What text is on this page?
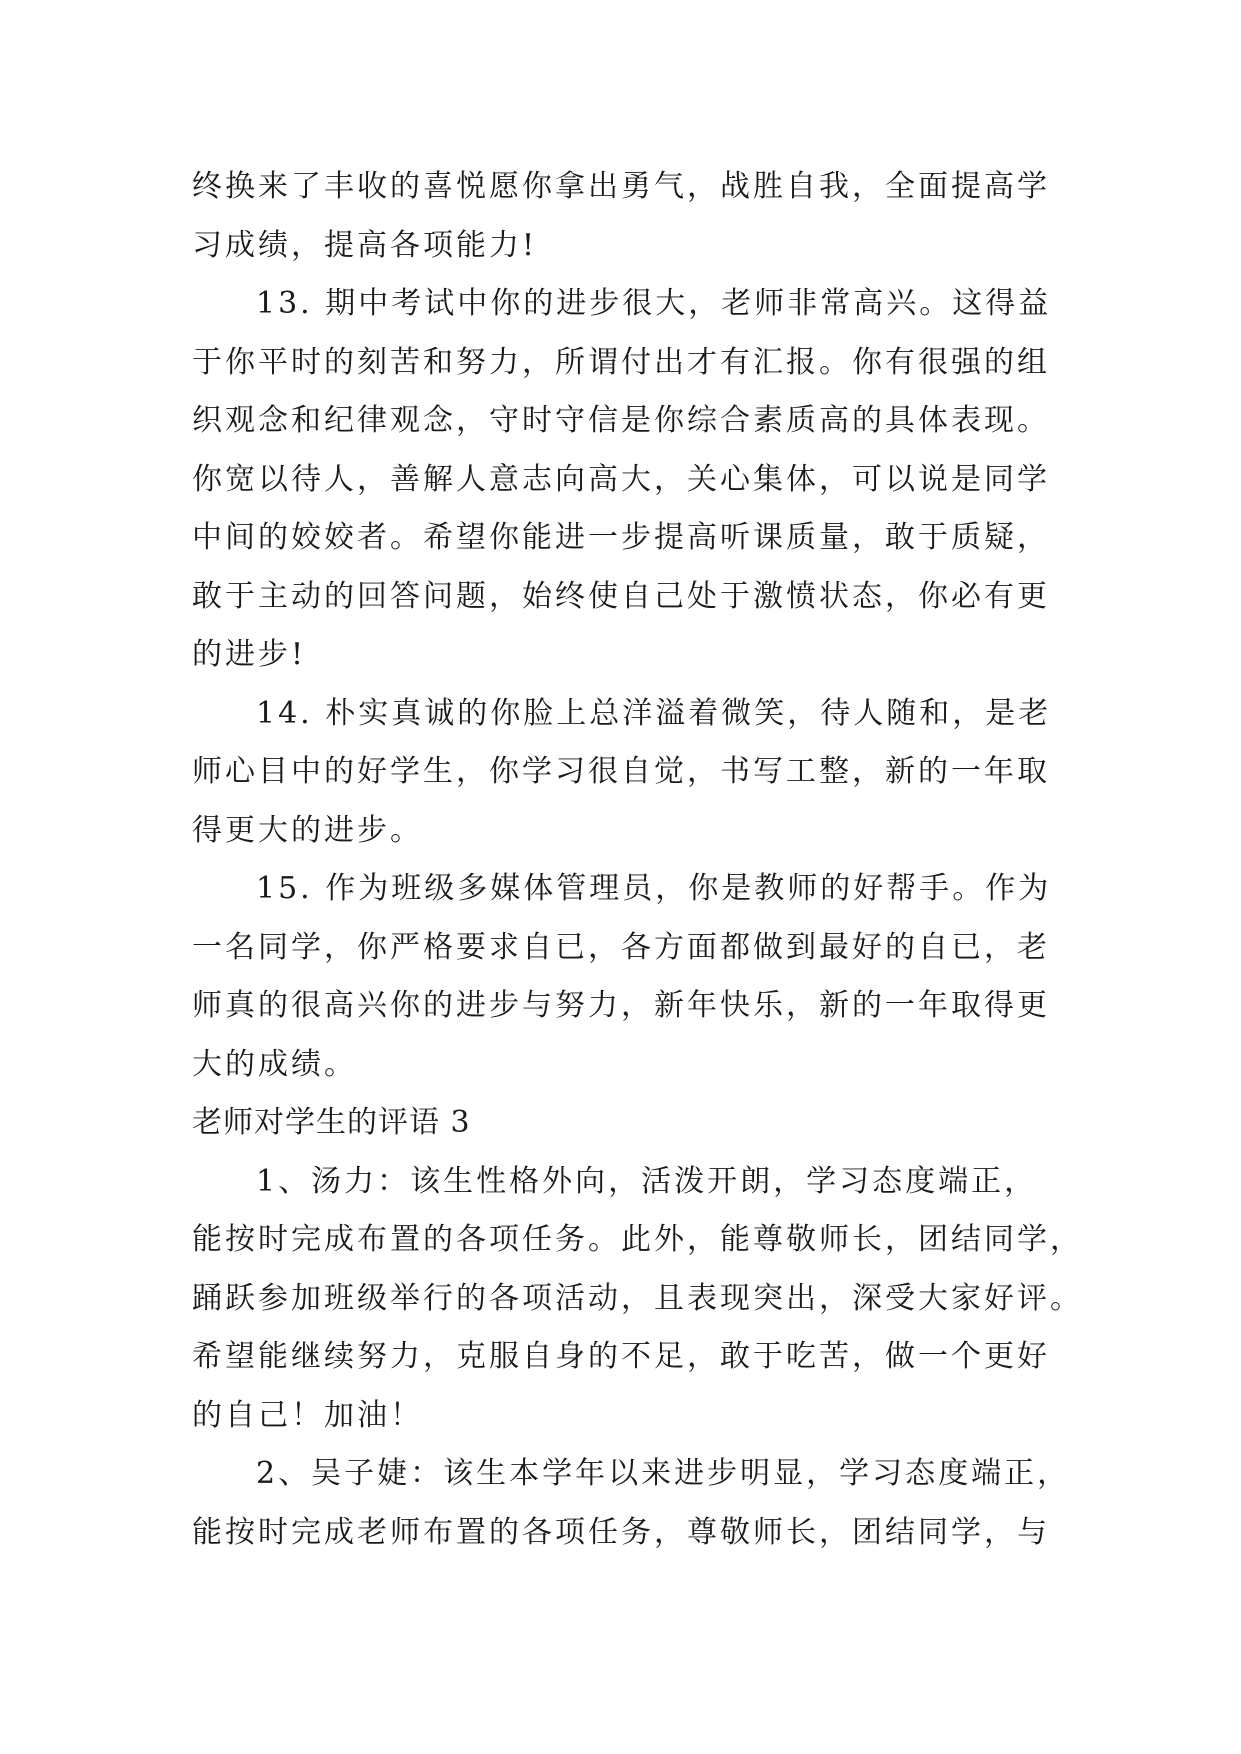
终换来了丰收的喜悦愿你拿出勇气，战胜自我，全面提高学
习成绩，提高各项能力!
13. 期中考试中你的进步很大，老师非常高兴。这得益
于你平时的刻苦和努力，所谓付出才有汇报。你有很强的组
织观念和纪律观念，守时守信是你综合素质高的具体表现。
你宽以待人，善解人意志向高大，关心集体，可以说是同学
中间的姣姣者。希望你能进一步提高听课质量，敢于质疑，
敢于主动的回答问题，始终使自己处于激愤状态，你必有更
的进步!
14. 朴实真诚的你脸上总洋溢着微笑，待人随和，是老
师心目中的好学生，你学习很自觉，书写工整，新的一年取
得更大的进步。
15. 作为班级多媒体管理员，你是教师的好帮手。作为
一名同学，你严格要求自已，各方面都做到最好的自已，老
师真的很高兴你的进步与努力，新年快乐，新的一年取得更
大的成绩。
老师对学生的评语 3
1、汤力：该生性格外向，活泼开朗，学习态度端正，
能按时完成布置的各项任务。此外，能尊敬师长，团结同学，
踊跃参加班级举行的各项活动，且表现突出，深受大家好评。
希望能继续努力，克服自身的不足，敢于吃苦，做一个更好
的自己！加油！
2、吴子婕：该生本学年以来进步明显，学习态度端正，
能按时完成老师布置的各项任务，尊敬师长，团结同学，与
